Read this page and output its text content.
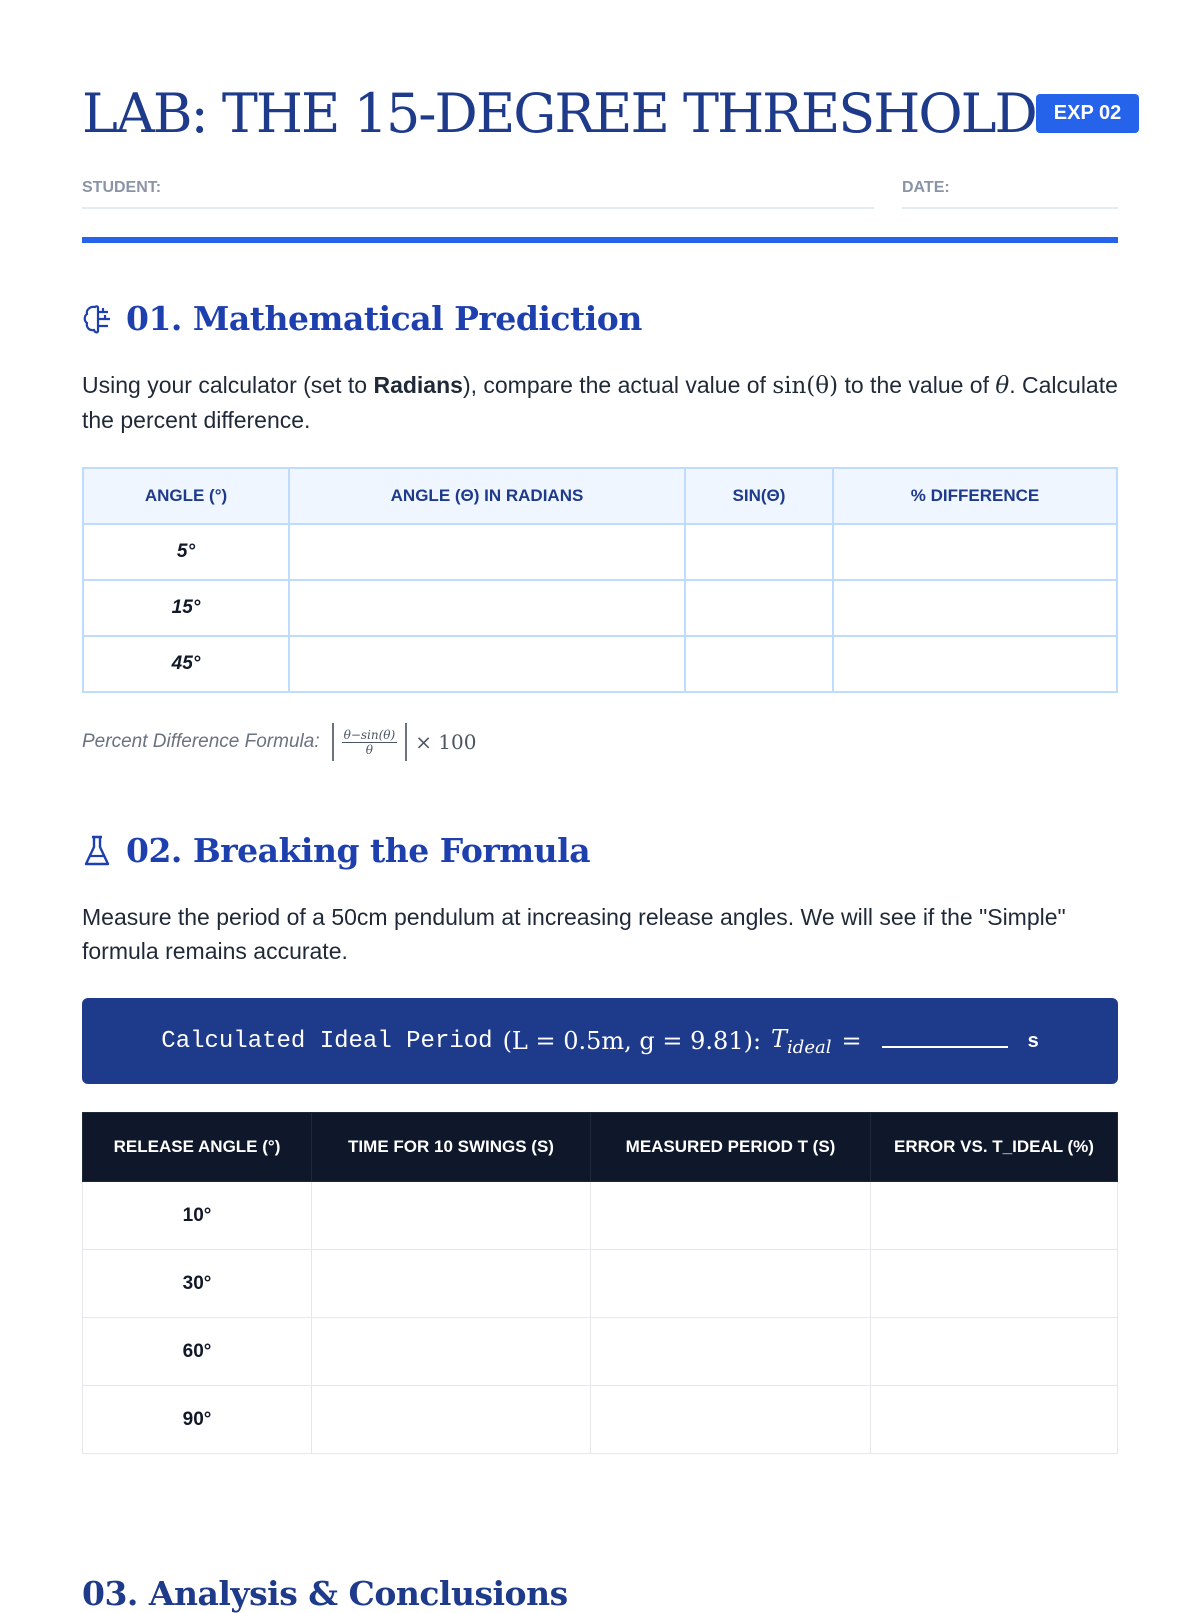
LAB: THE 15-DEGREE THRESHOLD EXP 02
STUDENT:	DATE:
01. Mathematical Prediction

Using your calculator (set to Radians), compare the actual value of sin(θ) to the value of θ. Calculate the percent difference.

ANGLE (°)	ANGLE (Θ) IN RADIANS	SIN(Θ)	% DIFFERENCE
5°			
15°			
45°			
Percent Difference Formula: $\frac{\theta-\sin(\theta)}{\theta} \times 100$
02. Breaking the Formula

Measure the period of a 50cm pendulum at increasing release angles. We will see if the "Simple" formula remains accurate.

Calculated Ideal Period (L = 0.5m, g = 9.81): $T_{ideal}$ =	s
RELEASE ANGLE (°)	TIME FOR 10 SWINGS (S)	MEASURED PERIOD T (S)	ERROR VS. T_IDEAL (%)
10°			
30°			
60°			
90°			
03. Analysis & Conclusions
